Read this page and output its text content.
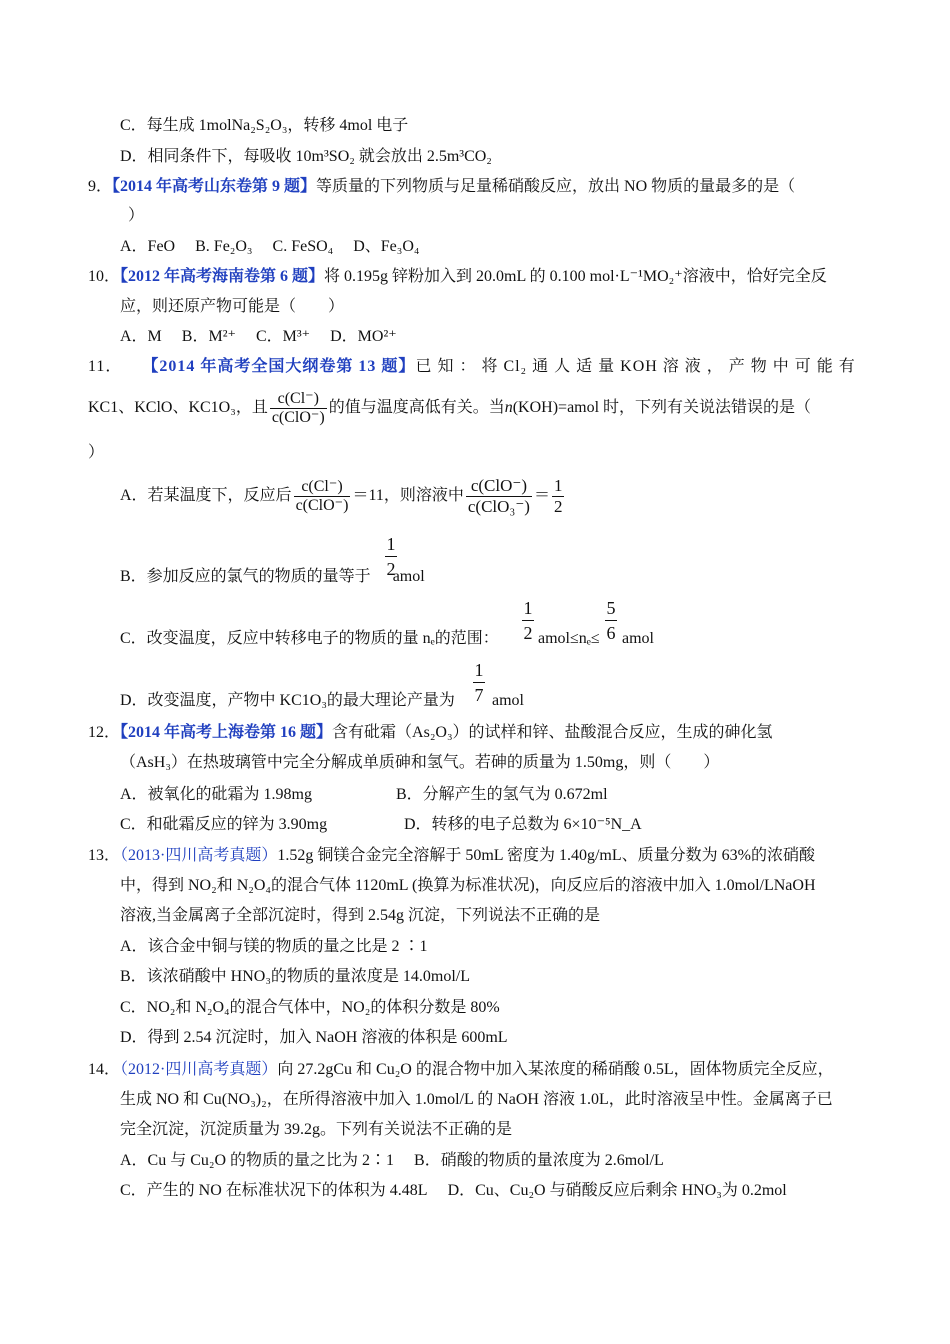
C．每生成 1molNa₂S₂O₃，转移 4mol 电子
D．相同条件下，每吸收 10m³SO₂ 就会放出 2.5m³CO₂
9．【2014 年高考山东卷第 9 题】等质量的下列物质与足量稀硝酸反应，放出 NO 物质的量最多的是（
）
A．FeO B. Fe₂O₃ C. FeSO₄ D、Fe₃O₄
10．【2012 年高考海南卷第 6 题】将 0.195g 锌粉加入到 20.0mL 的 0.100 mol·L⁻¹MO₂⁺溶液中，恰好完全反
应，则还原产物可能是（　　）
A．M B．M²⁺ C．M³⁺ D．MO²⁺
11． 【2014 年高考全国大纲卷第 13 题】已 知 ： 将 Cl₂ 通 人 适 量 KOH 溶 液 ， 产 物 中 可 能 有
KC1、KClO、KC1O₃，且 $\frac{c(Cl^-)}{\text{c(ClO⁻)}}$ 的值与温度高低有关。当n(KOH)=amol 时，下列有关说法错误的是（
）
A．若某温度下，反应后 $\frac{c(Cl^-)}{\text{c(ClO⁻)}} =11$，则溶液中 $\frac{\text{c(ClO⁻)}}{\text{c(ClO₃⁻)}} = \frac{1}{2}$
1
2
B．参加反应的氯气的物质的量等于 amol
1
2
5
6
C．改变温度，反应中转移电子的物质的量 nₑ的范围： amol≤nₑ≤ amol
1
7
D．改变温度，产物中 KC1O₃的最大理论产量为 amol
12．【2014 年高考上海卷第 16 题】含有砒霜（As₂O₃）的试样和锌、盐酸混合反应，生成的砷化氢
（AsH₃）在热玻璃管中完全分解成单质砷和氢气。若砷的质量为 1.50mg，则（　　）
A．被氧化的砒霜为 1.98mg	B．分解产生的氢气为 0.672ml
C．和砒霜反应的锌为 3.90mg	D．转移的电子总数为 6×10⁻⁵N_A
13．（2013·四川高考真题）1.52g 铜镁合金完全溶解于 50mL 密度为 1.40g/mL、质量分数为 63%的浓硝酸
中，得到 NO₂和 N₂O₄的混合气体 1120mL (换算为标准状况)，向反应后的溶液中加入 1.0mol/LNaOH
溶液,当金属离子全部沉淀时，得到 2.54g 沉淀，下列说法不正确的是
A．该合金中铜与镁的物质的量之比是 2 ∶1
B．该浓硝酸中 HNO₃的物质的量浓度是 14.0mol/L
C．NO₂和 N₂O₄的混合气体中，NO₂的体积分数是 80%
D．得到 2.54 沉淀时，加入 NaOH 溶液的体积是 600mL
14．（2012·四川高考真题）向 27.2gCu 和 Cu₂O 的混合物中加入某浓度的稀硝酸 0.5L，固体物质完全反应，
生成 NO 和 Cu(NO₃)₂，在所得溶液中加入 1.0mol/L 的 NaOH 溶液 1.0L，此时溶液呈中性。金属离子已
完全沉淀，沉淀质量为 39.2g。下列有关说法不正确的是
A．Cu 与 Cu₂O 的物质的量之比为 2∶1 B．硝酸的物质的量浓度为 2.6mol/L
C．产生的 NO 在标准状况下的体积为 4.48L D．Cu、Cu₂O 与硝酸反应后剩余 HNO₃为 0.2mol
